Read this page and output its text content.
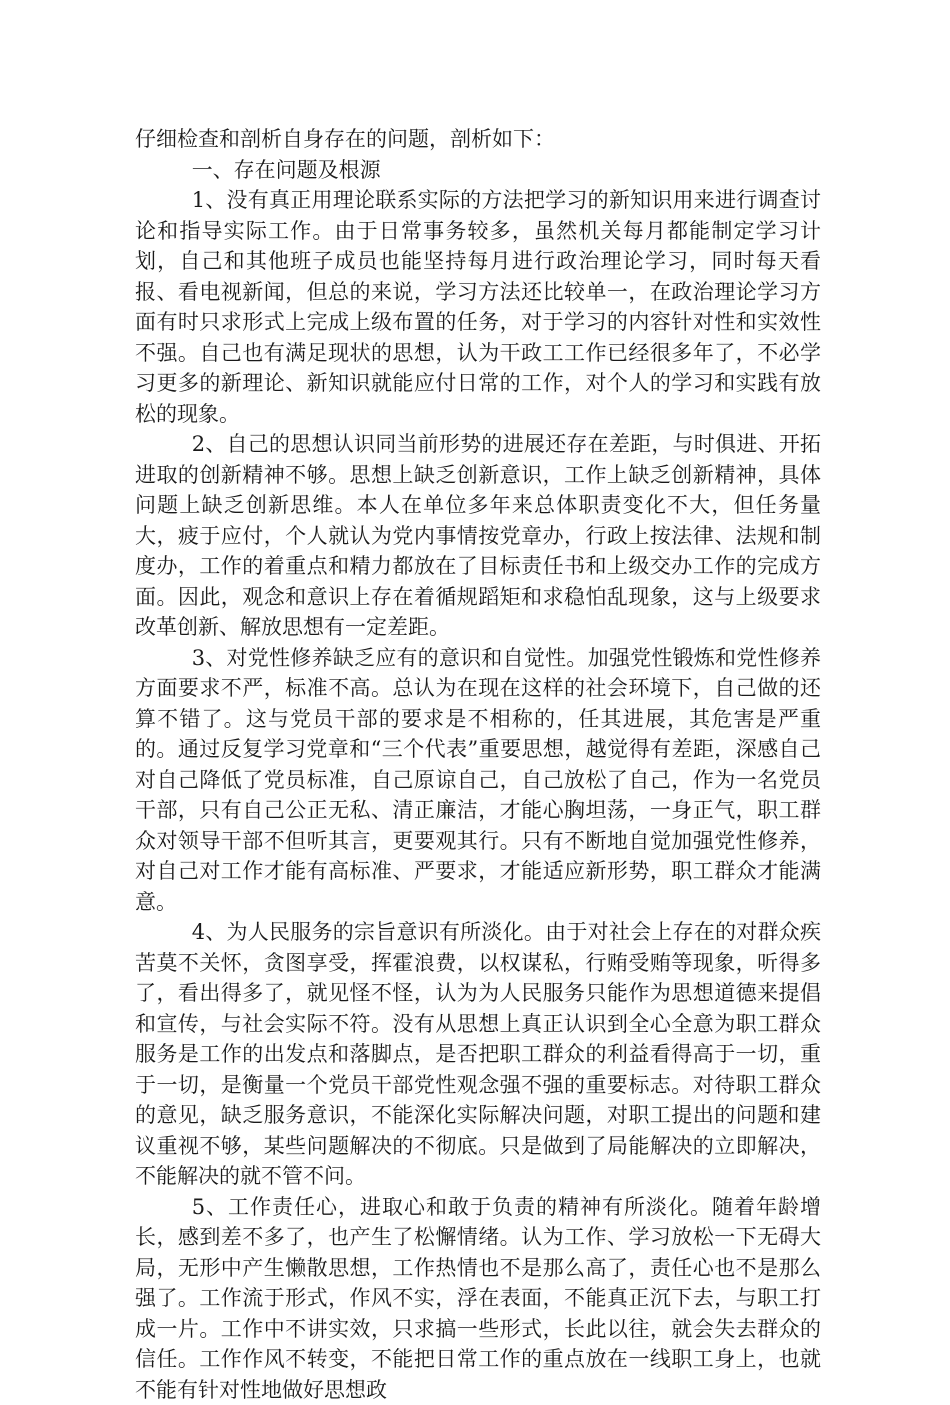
仔细检查和剖析自身存在的问题，剖析如下：

一、存在问题及根源

1、没有真正用理论联系实际的方法把学习的新知识用来进行调查讨论和指导实际工作。由于日常事务较多，虽然机关每月都能制定学习计划，自己和其他班子成员也能坚持每月进行政治理论学习，同时每天看报、看电视新闻，但总的来说，学习方法还比较单一，在政治理论学习方面有时只求形式上完成上级布置的任务，对于学习的内容针对性和实效性不强。自己也有满足现状的思想，认为干政工工作已经很多年了，不必学习更多的新理论、新知识就能应付日常的工作，对个人的学习和实践有放松的现象。

2、自己的思想认识同当前形势的进展还存在差距，与时俱进、开拓进取的创新精神不够。思想上缺乏创新意识，工作上缺乏创新精神，具体问题上缺乏创新思维。本人在单位多年来总体职责变化不大，但任务量大，疲于应付，个人就认为党内事情按党章办，行政上按法律、法规和制度办，工作的着重点和精力都放在了目标责任书和上级交办工作的完成方面。因此，观念和意识上存在着循规蹈矩和求稳怕乱现象，这与上级要求改革创新、解放思想有一定差距。

3、对党性修养缺乏应有的意识和自觉性。加强党性锻炼和党性修养方面要求不严，标准不高。总认为在现在这样的社会环境下，自己做的还算不错了。这与党员干部的要求是不相称的，任其进展，其危害是严重的。通过反复学习党章和“三个代表”重要思想，越觉得有差距，深感自己对自己降低了党员标准，自己原谅自己，自己放松了自己，作为一名党员干部，只有自己公正无私、清正廉洁，才能心胸坦荡，一身正气，职工群众对领导干部不但听其言，更要观其行。只有不断地自觉加强党性修养，对自己对工作才能有高标准、严要求，才能适应新形势，职工群众才能满意。

4、为人民服务的宗旨意识有所淡化。由于对社会上存在的对群众疾苦莫不关怀，贪图享受，挥霍浪费，以权谋私，行贿受贿等现象，听得多了，看出得多了，就见怪不怪，认为为人民服务只能作为思想道德来提倡和宣传，与社会实际不符。没有从思想上真正认识到全心全意为职工群众服务是工作的出发点和落脚点，是否把职工群众的利益看得高于一切，重于一切，是衡量一个党员干部党性观念强不强的重要标志。对待职工群众的意见，缺乏服务意识，不能深化实际解决问题，对职工提出的问题和建议重视不够，某些问题解决的不彻底。只是做到了局能解决的立即解决，不能解决的就不管不问。

5、工作责任心，进取心和敢于负责的精神有所淡化。随着年龄增长，感到差不多了，也产生了松懈情绪。认为工作、学习放松一下无碍大局，无形中产生懒散思想，工作热情也不是那么高了，责任心也不是那么强了。工作流于形式，作风不实，浮在表面，不能真正沉下去，与职工打成一片。工作中不讲实效，只求搞一些形式，长此以往，就会失去群众的信任。工作作风不转变，不能把日常工作的重点放在一线职工身上，也就不能有针对性地做好思想政
